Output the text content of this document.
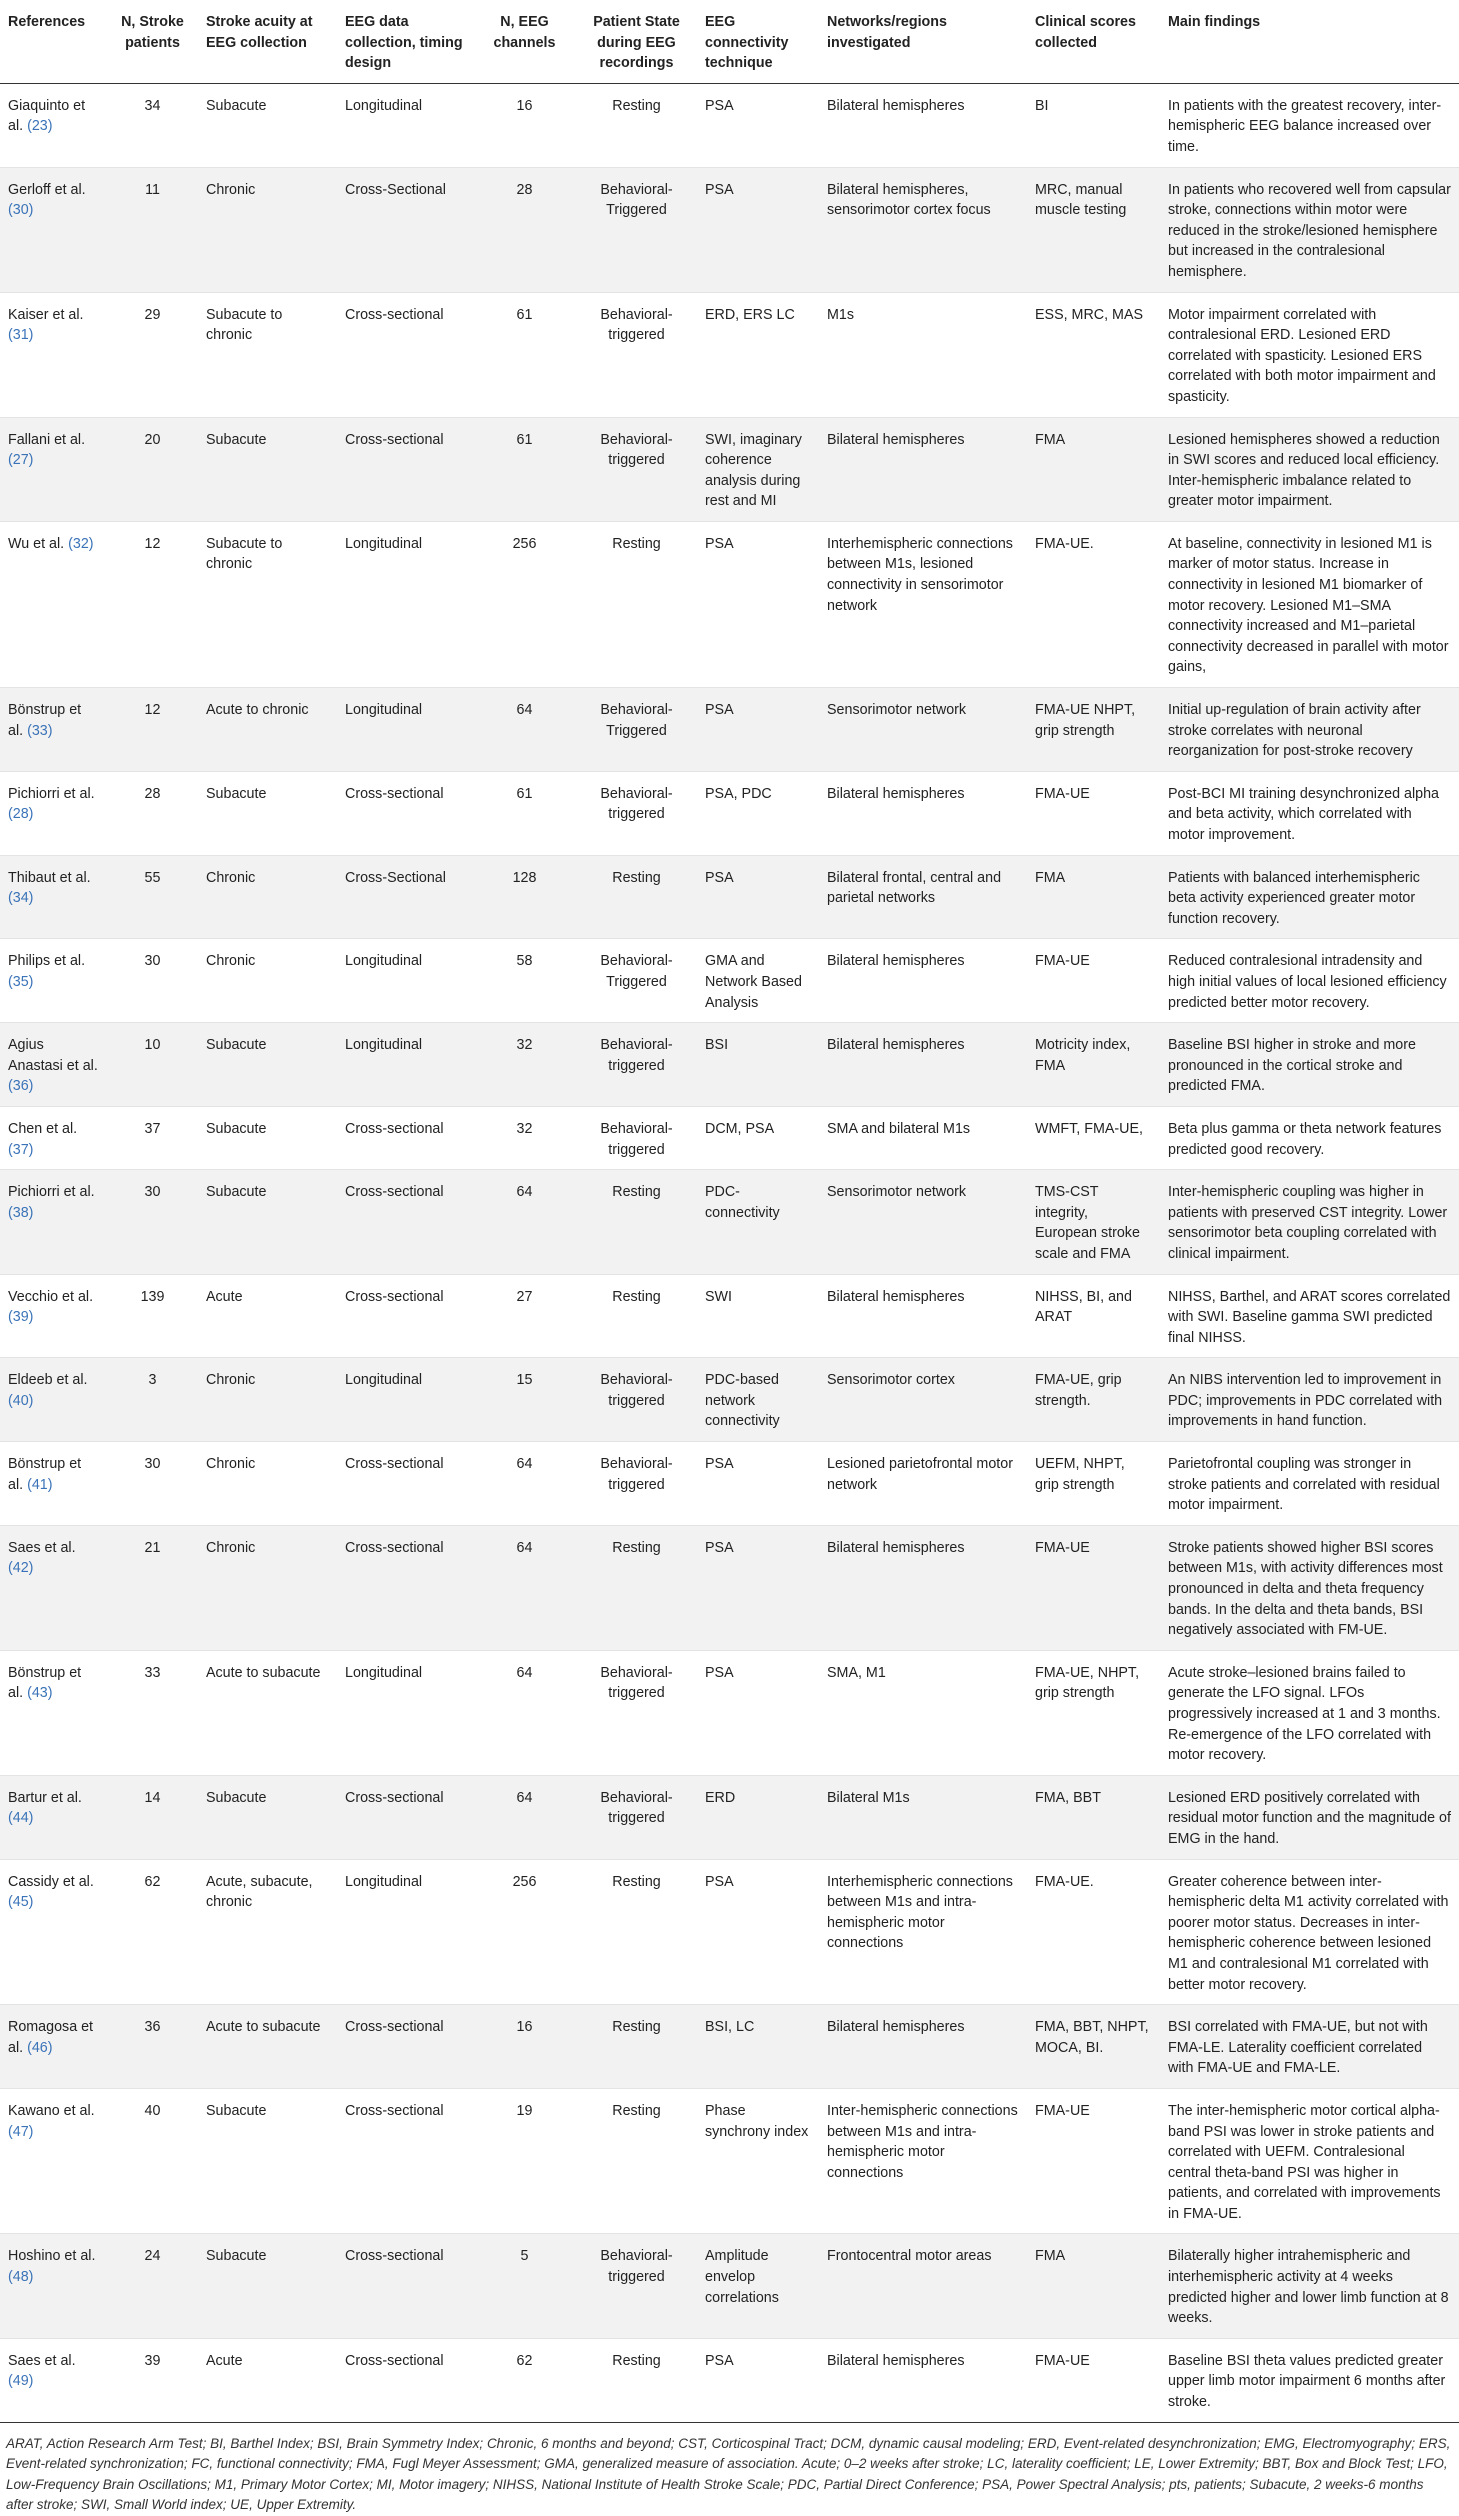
References	N, Stroke patients	Stroke acuity at EEG collection	EEG data collection, timing design	N, EEG channels	Patient State during EEG recordings	EEG connectivity technique	Networks/regions investigated	Clinical scores collected	Main findings
Giaquinto et al. (23)	34	Subacute	Longitudinal	16	Resting	PSA	Bilateral hemispheres	BI	In patients with the greatest recovery, inter-hemispheric EEG balance increased over time.
Gerloff et al. (30)	11	Chronic	Cross-Sectional	28	Behavioral-Triggered	PSA	Bilateral hemispheres, sensorimotor cortex focus	MRC, manual muscle testing	In patients who recovered well from capsular stroke, connections within motor were reduced in the stroke/lesioned hemisphere but increased in the contralesional hemisphere.
Kaiser et al. (31)	29	Subacute to chronic	Cross-sectional	61	Behavioral-triggered	ERD, ERS LC	M1s	ESS, MRC, MAS	Motor impairment correlated with contralesional ERD. Lesioned ERD correlated with spasticity. Lesioned ERS correlated with both motor impairment and spasticity.
Fallani et al. (27)	20	Subacute	Cross-sectional	61	Behavioral-triggered	SWI, imaginary coherence analysis during rest and MI	Bilateral hemispheres	FMA	Lesioned hemispheres showed a reduction in SWI scores and reduced local efficiency. Inter-hemispheric imbalance related to greater motor impairment.
Wu et al. (32)	12	Subacute to chronic	Longitudinal	256	Resting	PSA	Interhemispheric connections between M1s, lesioned connectivity in sensorimotor network	FMA-UE.	At baseline, connectivity in lesioned M1 is marker of motor status. Increase in connectivity in lesioned M1 biomarker of motor recovery. Lesioned M1–SMA connectivity increased and M1–parietal connectivity decreased in parallel with motor gains,
Bönstrup et al. (33)	12	Acute to chronic	Longitudinal	64	Behavioral-Triggered	PSA	Sensorimotor network	FMA-UE NHPT, grip strength	Initial up-regulation of brain activity after stroke correlates with neuronal reorganization for post-stroke recovery
Pichiorri et al. (28)	28	Subacute	Cross-sectional	61	Behavioral-triggered	PSA, PDC	Bilateral hemispheres	FMA-UE	Post-BCI MI training desynchronized alpha and beta activity, which correlated with motor improvement.
Thibaut et al. (34)	55	Chronic	Cross-Sectional	128	Resting	PSA	Bilateral frontal, central and parietal networks	FMA	Patients with balanced interhemispheric beta activity experienced greater motor function recovery.
Philips et al. (35)	30	Chronic	Longitudinal	58	Behavioral-Triggered	GMA and Network Based Analysis	Bilateral hemispheres	FMA-UE	Reduced contralesional intradensity and high initial values of local lesioned efficiency predicted better motor recovery.
Agius Anastasi et al. (36)	10	Subacute	Longitudinal	32	Behavioral-triggered	BSI	Bilateral hemispheres	Motricity index, FMA	Baseline BSI higher in stroke and more pronounced in the cortical stroke and predicted FMA.
Chen et al. (37)	37	Subacute	Cross-sectional	32	Behavioral-triggered	DCM, PSA	SMA and bilateral M1s	WMFT, FMA-UE,	Beta plus gamma or theta network features predicted good recovery.
Pichiorri et al. (38)	30	Subacute	Cross-sectional	64	Resting	PDC-connectivity	Sensorimotor network	TMS-CST integrity, European stroke scale and FMA	Inter-hemispheric coupling was higher in patients with preserved CST integrity. Lower sensorimotor beta coupling correlated with clinical impairment.
Vecchio et al. (39)	139	Acute	Cross-sectional	27	Resting	SWI	Bilateral hemispheres	NIHSS, BI, and ARAT	NIHSS, Barthel, and ARAT scores correlated with SWI. Baseline gamma SWI predicted final NIHSS.
Eldeeb et al. (40)	3	Chronic	Longitudinal	15	Behavioral-triggered	PDC-based network connectivity	Sensorimotor cortex	FMA-UE, grip strength.	An NIBS intervention led to improvement in PDC; improvements in PDC correlated with improvements in hand function.
Bönstrup et al. (41)	30	Chronic	Cross-sectional	64	Behavioral-triggered	PSA	Lesioned parietofrontal motor network	UEFM, NHPT, grip strength	Parietofrontal coupling was stronger in stroke patients and correlated with residual motor impairment.
Saes et al. (42)	21	Chronic	Cross-sectional	64	Resting	PSA	Bilateral hemispheres	FMA-UE	Stroke patients showed higher BSI scores between M1s, with activity differences most pronounced in delta and theta frequency bands. In the delta and theta bands, BSI negatively associated with FM-UE.
Bönstrup et al. (43)	33	Acute to subacute	Longitudinal	64	Behavioral-triggered	PSA	SMA, M1	FMA-UE, NHPT, grip strength	Acute stroke–lesioned brains failed to generate the LFO signal. LFOs progressively increased at 1 and 3 months. Re-emergence of the LFO correlated with motor recovery.
Bartur et al. (44)	14	Subacute	Cross-sectional	64	Behavioral-triggered	ERD	Bilateral M1s	FMA, BBT	Lesioned ERD positively correlated with residual motor function and the magnitude of EMG in the hand.
Cassidy et al. (45)	62	Acute, subacute, chronic	Longitudinal	256	Resting	PSA	Interhemispheric connections between M1s and intra-hemispheric motor connections	FMA-UE.	Greater coherence between inter-hemispheric delta M1 activity correlated with poorer motor status. Decreases in inter-hemispheric coherence between lesioned M1 and contralesional M1 correlated with better motor recovery.
Romagosa et al. (46)	36	Acute to subacute	Cross-sectional	16	Resting	BSI, LC	Bilateral hemispheres	FMA, BBT, NHPT, MOCA, BI.	BSI correlated with FMA-UE, but not with FMA-LE. Laterality coefficient correlated with FMA-UE and FMA-LE.
Kawano et al. (47)	40	Subacute	Cross-sectional	19	Resting	Phase synchrony index	Inter-hemispheric connections between M1s and intra-hemispheric motor connections	FMA-UE	The inter-hemispheric motor cortical alpha-band PSI was lower in stroke patients and correlated with UEFM. Contralesional central theta-band PSI was higher in patients, and correlated with improvements in FMA-UE.
Hoshino et al. (48)	24	Subacute	Cross-sectional	5	Behavioral-triggered	Amplitude envelop correlations	Frontocentral motor areas	FMA	Bilaterally higher intrahemispheric and interhemispheric activity at 4 weeks predicted higher and lower limb function at 8 weeks.
Saes et al. (49)	39	Acute	Cross-sectional	62	Resting	PSA	Bilateral hemispheres	FMA-UE	Baseline BSI theta values predicted greater upper limb motor impairment 6 months after stroke.
ARAT, Action Research Arm Test; BI, Barthel Index; BSI, Brain Symmetry Index; Chronic, 6 months and beyond; CST, Corticospinal Tract; DCM, dynamic causal modeling; ERD, Event-related desynchronization; EMG, Electromyography; ERS, Event-related synchronization; FC, functional connectivity; FMA, Fugl Meyer Assessment; GMA, generalized measure of association. Acute; 0–2 weeks after stroke; LC, laterality coefficient; LE, Lower Extremity; BBT, Box and Block Test; LFO, Low-Frequency Brain Oscillations; M1, Primary Motor Cortex; MI, Motor imagery; NIHSS, National Institute of Health Stroke Scale; PDC, Partial Direct Conference; PSA, Power Spectral Analysis; pts, patients; Subacute, 2 weeks-6 months after stroke; SWI, Small World index; UE, Upper Extremity.
